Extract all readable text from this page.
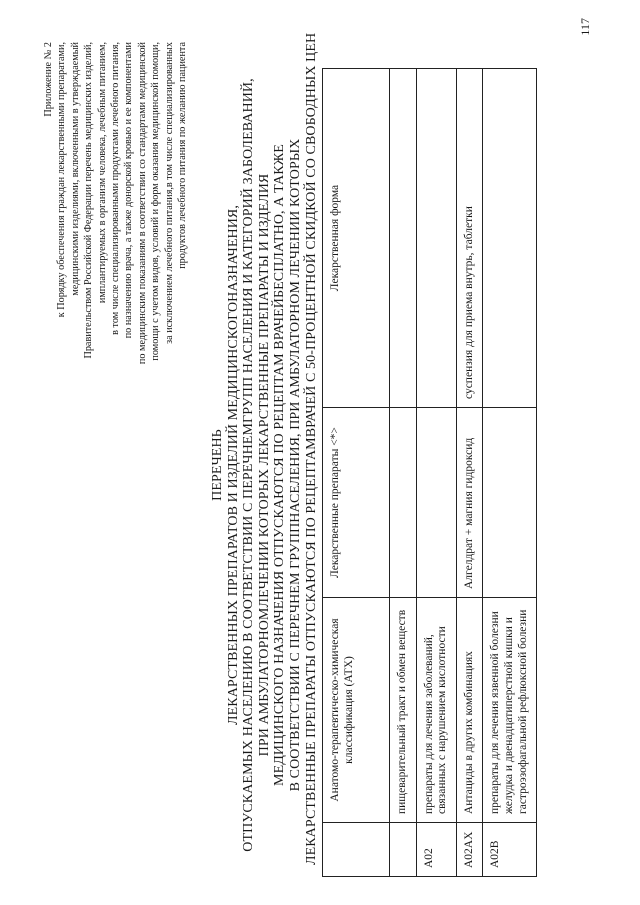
Приложение № 2 к Порядку обеспечения граждан лекарственными препаратами, медицинскими изделиями, включенными в утверждаемый Правительством Российской Федерации перечень медицинских изделий, имплантируемых в организм человека, лечебным питанием, в том числе специализированными продуктами лечебного питания, по назначению врача, а также донорской кровью и ее компонентами по медицинским показаниям в соответствии со стандартами медицинской помощи с учетом видов, условий и форм оказания медицинской помощи, за исключением лечебного питания,в том числе специализированных продуктов лечебного питания по желанию пациента
ПЕРЕЧЕНЬ ЛЕКАРСТВЕННЫХ ПРЕПАРАТОВ И ИЗДЕЛИЙ МЕДИЦИНСКОГОНАЗНАЧЕНИЯ, ОТПУСКАЕМЫХ НАСЕЛЕНИЮ В СООТВЕТСТВИИ С ПЕРЕЧНЕМГРУПП НАСЕЛЕНИЯ И КАТЕГОРИЙ ЗАБОЛЕВАНИЙ, ПРИ АМБУЛАТОРНОМЛЕЧЕНИИ КОТОРЫХ ЛЕКАРСТВЕННЫЕ ПРЕПАРАТЫ И ИЗДЕЛИЯ МЕДИЦИНСКОГО НАЗНАЧЕНИЯ ОТПУСКАЮТСЯ ПО РЕЦЕПТАМ ВРАЧЕЙБЕСПЛАТНО, А ТАКЖЕ В СООТВЕТСТВИИ С ПЕРЕЧНЕМ ГРУППНАСЕЛЕНИЯ, ПРИ АМБУЛАТОРНОМ ЛЕЧЕНИИ КОТОРЫХ ЛЕКАРСТВЕННЫЕ ПРЕПАРАТЫ ОТПУСКАЮТСЯ ПО РЕЦЕПТАМВРАЧЕЙ С 50-ПРОЦЕНТНОЙ СКИДКОЙ СО СВОБОДНЫХ ЦЕН
	Анатомо-терапевтическо-химическая классификация (АТХ)	Лекарственные препараты <*>	Лекарственная форма
	пищеварительный тракт и обмен веществ		
A02	препараты для лечения заболеваний, связанных с нарушением кислотности		
A02AX	Антациды в других комбинациях	Алгелдрат + магния гидроксид	суспензия для приема внутрь, таблетки
A02B	препараты для лечения язвенной болезни желудка и двенадцатиперстной кишки и гастроэзофагальной рефлюксной болезни		
117
